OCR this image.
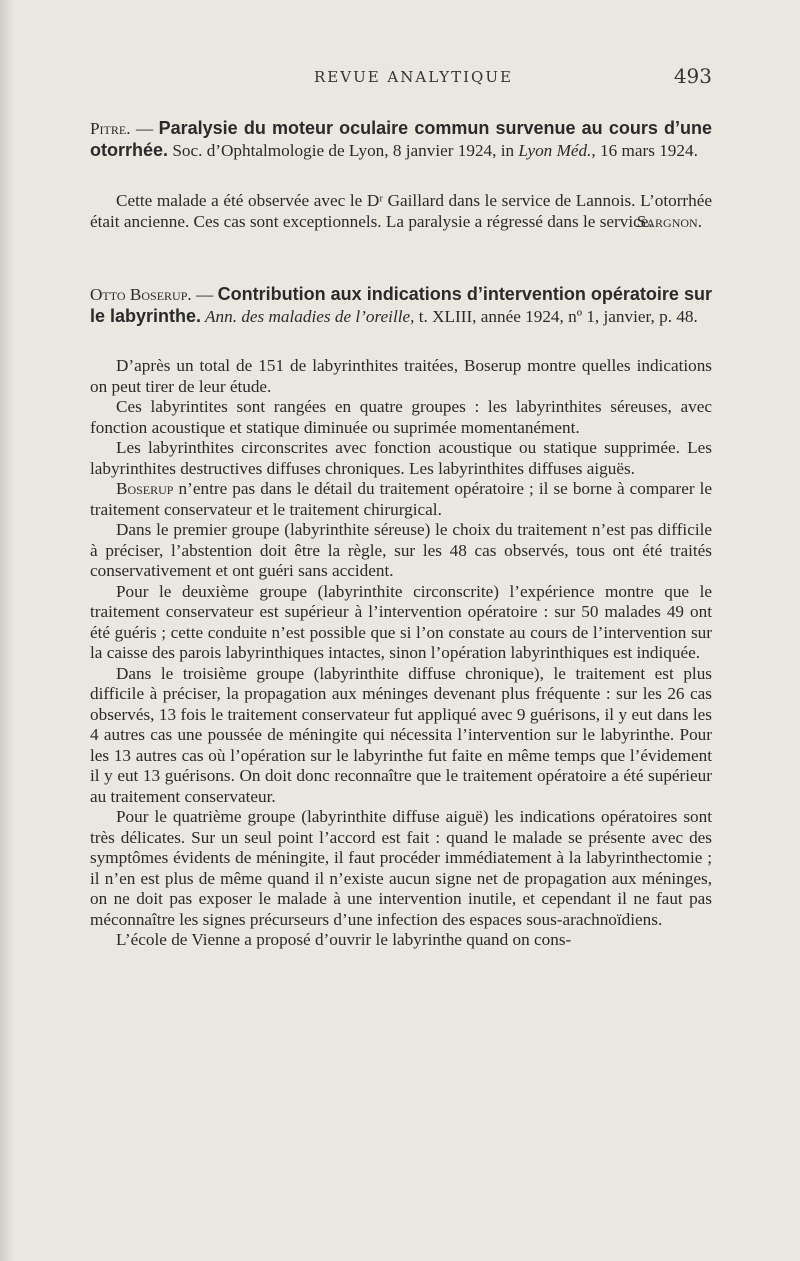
REVUE ANALYTIQUE	493

Pitre. — Paralysie du moteur oculaire commun survenue au cours d’une otorrhée. Soc. d’Ophtalmologie de Lyon, 8 janvier 1924, in Lyon Méd., 16 mars 1924.

Cette malade a été observée avec le Dʳ Gaillard dans le service de Lannois. L’otorrhée était ancienne. Ces cas sont exceptionnels. La paralysie a régressé dans le service.

Sargnon.

Otto Boserup. — Contribution aux indications d’intervention opératoire sur le labyrinthe. Ann. des maladies de l’oreille, t. XLIII, année 1924, nº 1, janvier, p. 48.

D’après un total de 151 de labyrinthites traitées, Boserup montre quelles indications on peut tirer de leur étude.

Ces labyrintites sont rangées en quatre groupes : les labyrinthites séreuses, avec fonction acoustique et statique diminuée ou suprimée momentanément.

Les labyrinthites circonscrites avec fonction acoustique ou statique supprimée. Les labyrinthites destructives diffuses chroniques. Les labyrinthites diffuses aiguës.

Boserup n’entre pas dans le détail du traitement opératoire ; il se borne à comparer le traitement conservateur et le traitement chirurgical.

Dans le premier groupe (labyrinthite séreuse) le choix du traitement n’est pas difficile à préciser, l’abstention doit être la règle, sur les 48 cas observés, tous ont été traités conservativement et ont guéri sans accident.

Pour le deuxième groupe (labyrinthite circonscrite) l’expérience montre que le traitement conservateur est supérieur à l’intervention opératoire : sur 50 malades 49 ont été guéris ; cette conduite n’est possible que si l’on constate au cours de l’intervention sur la caisse des parois labyrinthiques intactes, sinon l’opération labyrinthiques est indiquée.

Dans le troisième groupe (labyrinthite diffuse chronique), le traitement est plus difficile à préciser, la propagation aux méninges devenant plus fréquente : sur les 26 cas observés, 13 fois le traitement conservateur fut appliqué avec 9 guérisons, il y eut dans les 4 autres cas une poussée de méningite qui nécessita l’intervention sur le labyrinthe. Pour les 13 autres cas où l’opération sur le labyrinthe fut faite en même temps que l’évidement il y eut 13 guérisons. On doit donc reconnaître que le traitement opératoire a été supérieur au traitement conservateur.

Pour le quatrième groupe (labyrinthite diffuse aiguë) les indications opératoires sont très délicates. Sur un seul point l’accord est fait : quand le malade se présente avec des symptômes évidents de méningite, il faut procéder immédiatement à la labyrinthectomie ; il n’en est plus de même quand il n’existe aucun signe net de propagation aux méninges, on ne doit pas exposer le malade à une intervention inutile, et cependant il ne faut pas méconnaître les signes précurseurs d’une infection des espaces sous-arachnoïdiens.

L’école de Vienne a proposé d’ouvrir le labyrinthe quand on cons-
